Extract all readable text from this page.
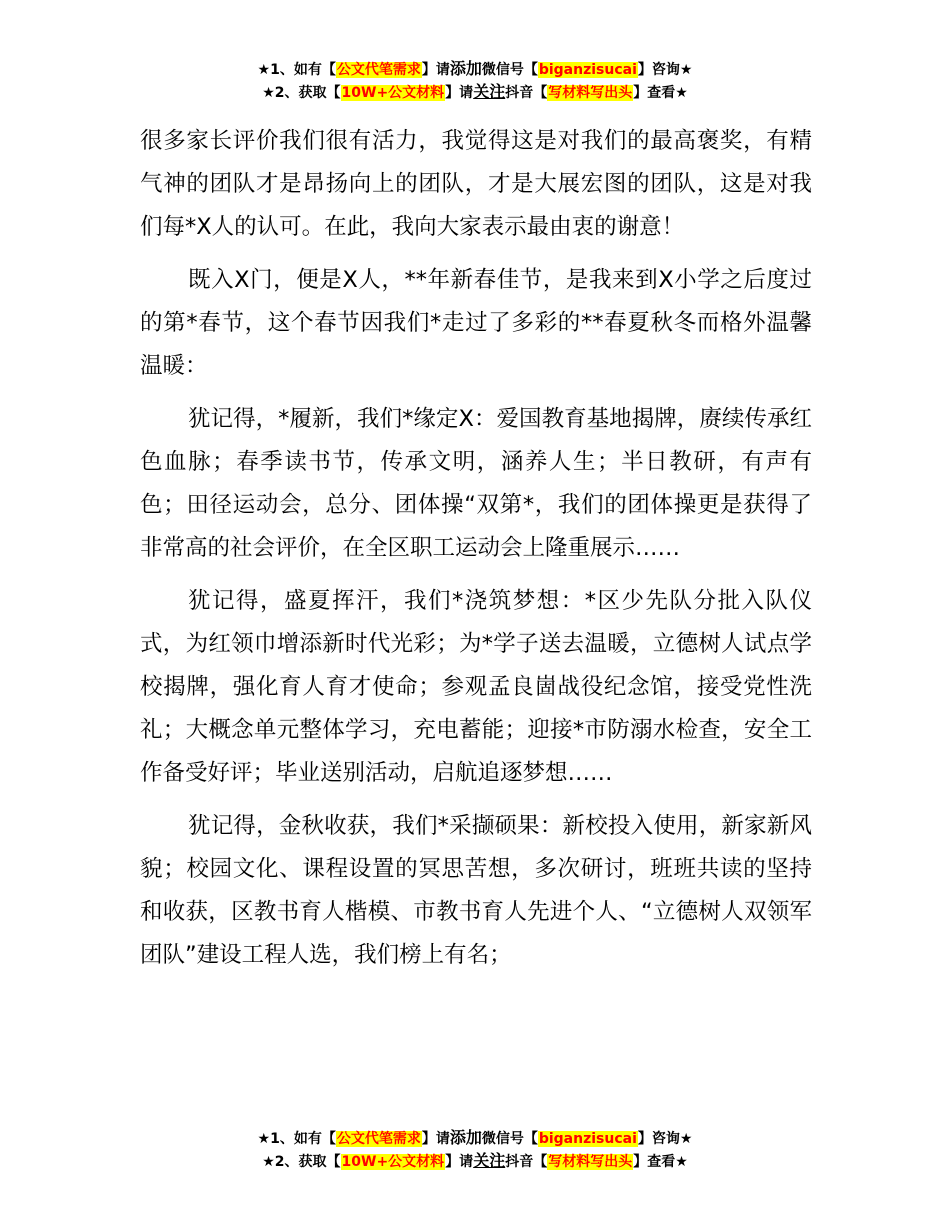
★1、如有【公文代笔需求】请添加微信号【biganzisucai】咨询★
★2、获取【10W+公文材料】请关注抖音【写材料写出头】查看★

很多家长评价我们很有活力，我觉得这是对我们的最高褒奖，有精气神的团队才是昂扬向上的团队，才是大展宏图的团队，这是对我们每*X人的认可。在此，我向大家表示最由衷的谢意！

既入X门，便是X人，**年新春佳节，是我来到X小学之后度过的第*春节，这个春节因我们*走过了多彩的**春夏秋冬而格外温馨温暖：

犹记得，*履新，我们*缘定X：爱国教育基地揭牌，赓续传承红色血脉；春季读书节，传承文明，涵养人生；半日教研，有声有色；田径运动会，总分、团体操“双第*，我们的团体操更是获得了非常高的社会评价，在全区职工运动会上隆重展示……

犹记得，盛夏挥汗，我们*浇筑梦想：*区少先队分批入队仪式，为红领巾增添新时代光彩；为*学子送去温暖，立德树人试点学校揭牌，强化育人育才使命；参观孟良崮战役纪念馆，接受党性洗礼；大概念单元整体学习，充电蓄能；迎接*市防溺水检查，安全工作备受好评；毕业送别活动，启航追逐梦想……

犹记得，金秋收获，我们*采撷硕果：新校投入使用，新家新风貌；校园文化、课程设置的冥思苦想，多次研讨，班班共读的坚持和收获，区教书育人楷模、市教书育人先进个人、“立德树人双领军团队”建设工程人选，我们榜上有名；

★1、如有【公文代笔需求】请添加微信号【biganzisucai】咨询★
★2、获取【10W+公文材料】请关注抖音【写材料写出头】查看★
